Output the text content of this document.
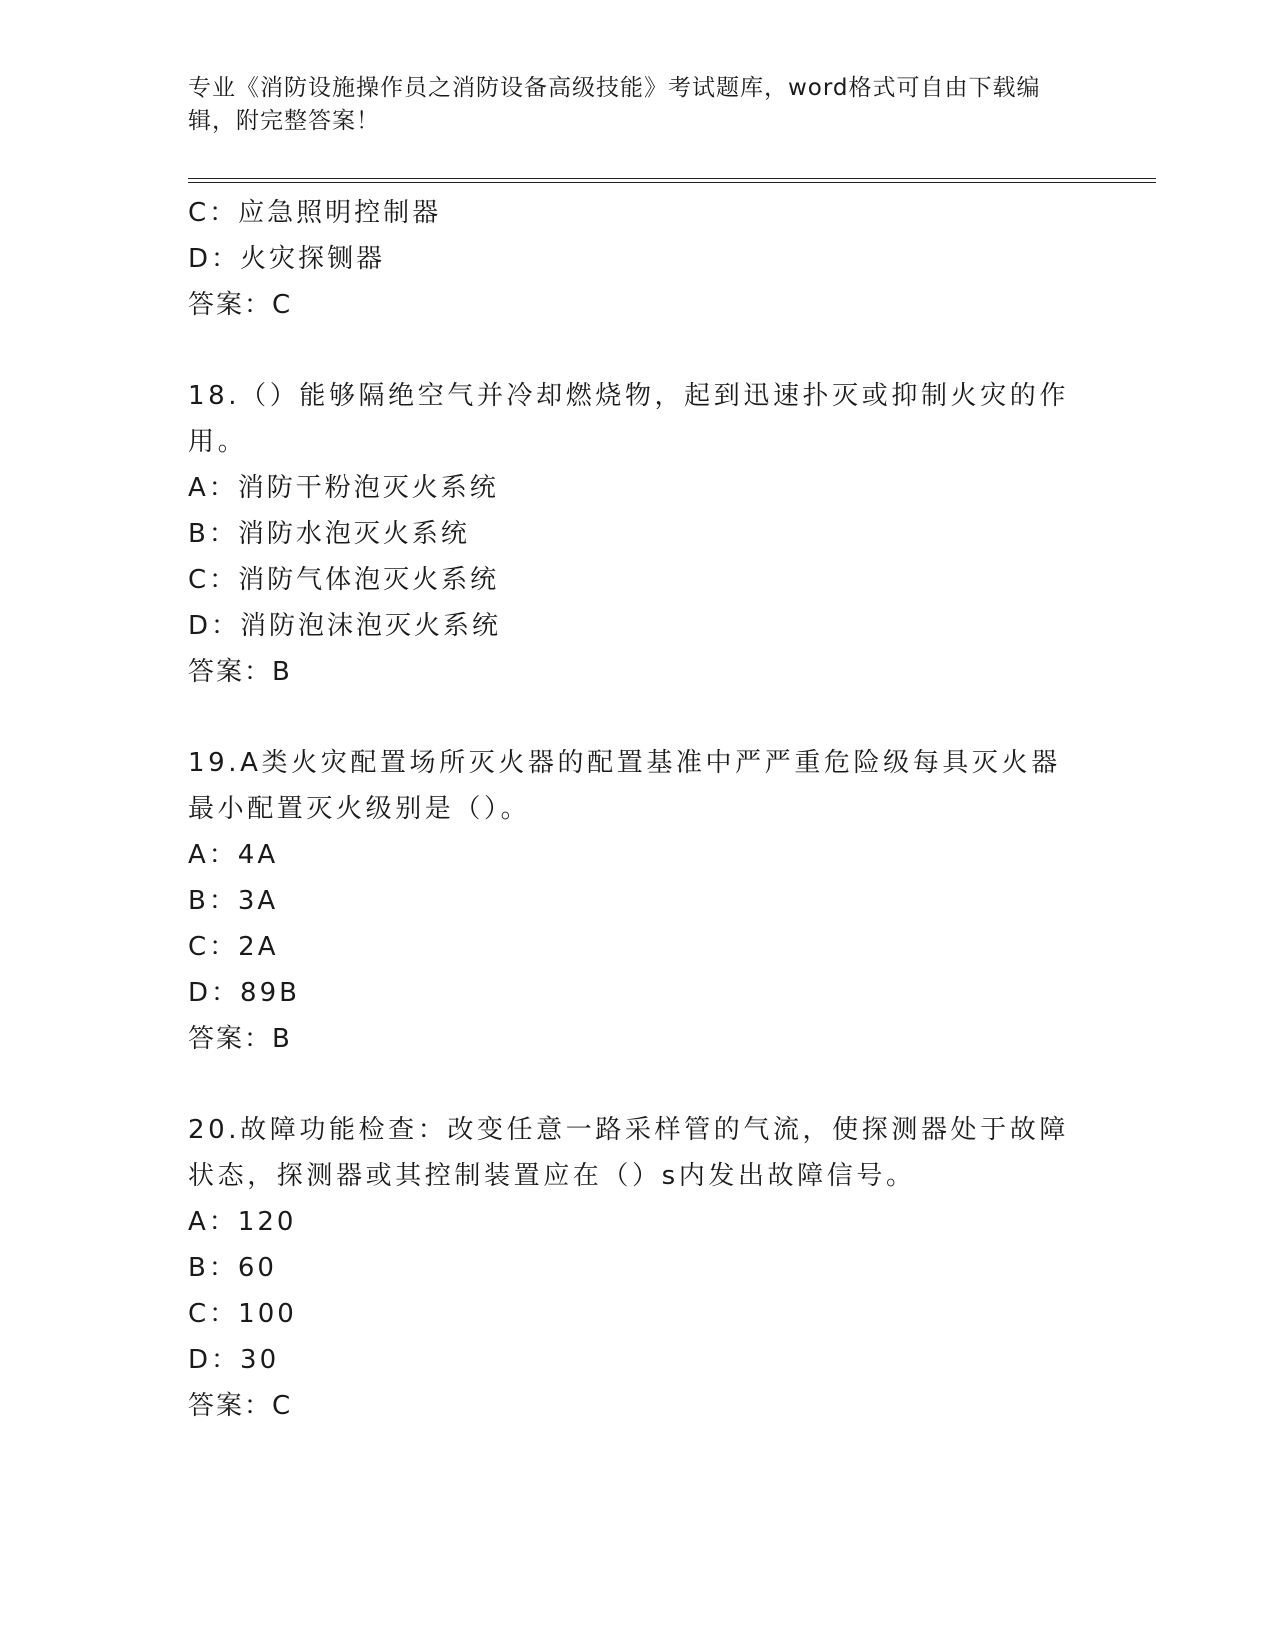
专业《消防设施操作员之消防设备高级技能》考试题库，word格式可自由下载编辑，附完整答案！
C：应急照明控制器
D：火灾探铡器
答案：C
18.（）能够隔绝空气并冷却燃烧物，起到迅速扑灭或抑制火灾的作用。
A：消防干粉泡灭火系统
B：消防水泡灭火系统
C：消防气体泡灭火系统
D：消防泡沫泡灭火系统
答案：B
19.A类火灾配置场所灭火器的配置基准中严严重危险级每具灭火器最小配置灭火级别是（）。
A：4A
B：3A
C：2A
D：89B
答案：B
20.故障功能检查：改变任意一路采样管的气流，使探测器处于故障状态，探测器或其控制装置应在（）s内发出故障信号。
A：120
B：60
C：100
D：30
答案：C
